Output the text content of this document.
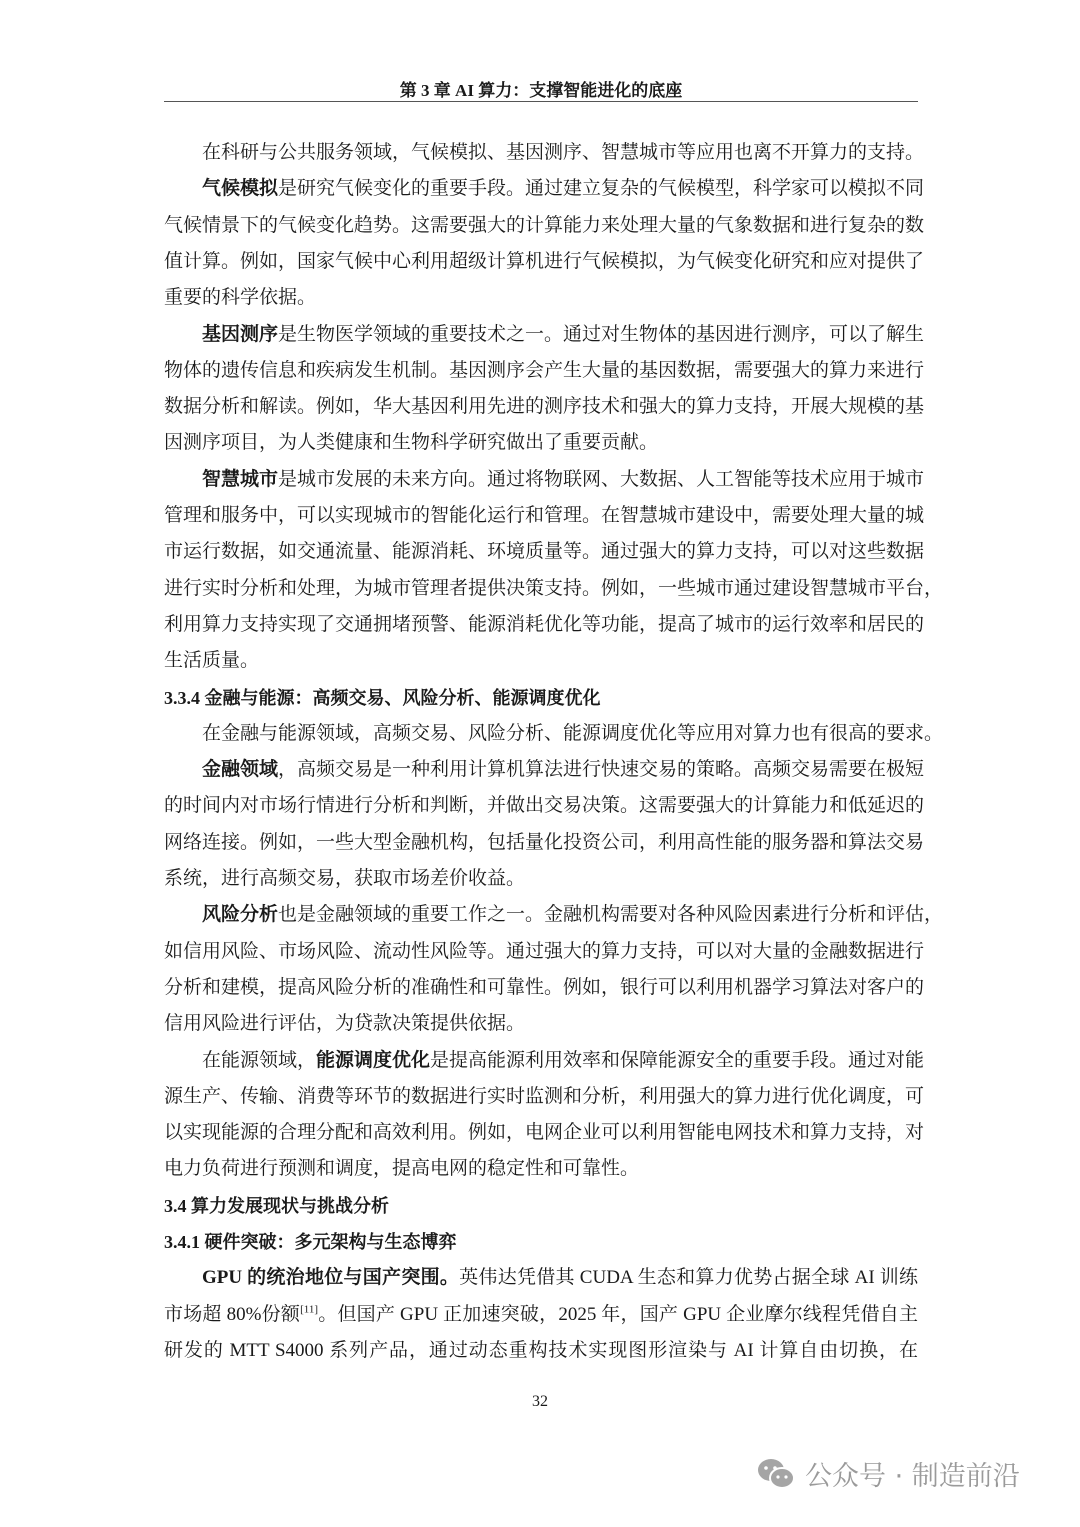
第 3 章 AI 算力：支撑智能进化的底座
在科研与公共服务领域，气候模拟、基因测序、智慧城市等应用也离不开算力的支持。
气候模拟是研究气候变化的重要手段。通过建立复杂的气候模型，科学家可以模拟不同
气候情景下的气候变化趋势。这需要强大的计算能力来处理大量的气象数据和进行复杂的数
值计算。例如，国家气候中心利用超级计算机进行气候模拟，为气候变化研究和应对提供了
重要的科学依据。
基因测序是生物医学领域的重要技术之一。通过对生物体的基因进行测序，可以了解生
物体的遗传信息和疾病发生机制。基因测序会产生大量的基因数据，需要强大的算力来进行
数据分析和解读。例如，华大基因利用先进的测序技术和强大的算力支持，开展大规模的基
因测序项目，为人类健康和生物科学研究做出了重要贡献。
智慧城市是城市发展的未来方向。通过将物联网、大数据、人工智能等技术应用于城市
管理和服务中，可以实现城市的智能化运行和管理。在智慧城市建设中，需要处理大量的城
市运行数据，如交通流量、能源消耗、环境质量等。通过强大的算力支持，可以对这些数据
进行实时分析和处理，为城市管理者提供决策支持。例如，一些城市通过建设智慧城市平台，
利用算力支持实现了交通拥堵预警、能源消耗优化等功能，提高了城市的运行效率和居民的
生活质量。
3.3.4 金融与能源：高频交易、风险分析、能源调度优化
在金融与能源领域，高频交易、风险分析、能源调度优化等应用对算力也有很高的要求。
金融领域，高频交易是一种利用计算机算法进行快速交易的策略。高频交易需要在极短
的时间内对市场行情进行分析和判断，并做出交易决策。这需要强大的计算能力和低延迟的
网络连接。例如，一些大型金融机构，包括量化投资公司，利用高性能的服务器和算法交易
系统，进行高频交易，获取市场差价收益。
风险分析也是金融领域的重要工作之一。金融机构需要对各种风险因素进行分析和评估，
如信用风险、市场风险、流动性风险等。通过强大的算力支持，可以对大量的金融数据进行
分析和建模，提高风险分析的准确性和可靠性。例如，银行可以利用机器学习算法对客户的
信用风险进行评估，为贷款决策提供依据。
在能源领域，能源调度优化是提高能源利用效率和保障能源安全的重要手段。通过对能
源生产、传输、消费等环节的数据进行实时监测和分析，利用强大的算力进行优化调度，可
以实现能源的合理分配和高效利用。例如，电网企业可以利用智能电网技术和算力支持，对
电力负荷进行预测和调度，提高电网的稳定性和可靠性。
3.4 算力发展现状与挑战分析
3.4.1 硬件突破：多元架构与生态博弈
GPU 的统治地位与国产突围。英伟达凭借其 CUDA 生态和算力优势占据全球 AI 训练
市场超 80%份额[11]。但国产 GPU 正加速突破，2025 年，国产 GPU 企业摩尔线程凭借自主
研发的 MTT S4000 系列产品，通过动态重构技术实现图形渲染与 AI 计算自由切换，在
32
公众号 · 制造前沿
